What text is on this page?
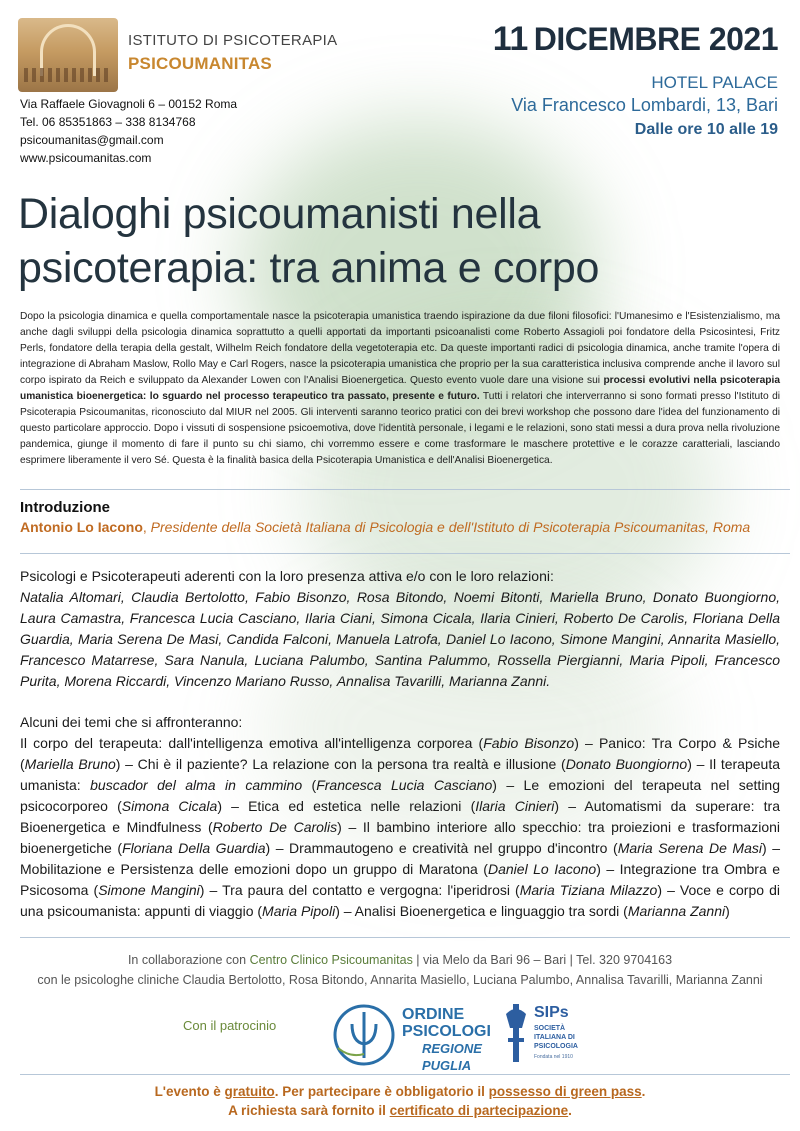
ISTITUTO DI PSICOTERAPIA
PSICOUMANITAS
Via Raffaele Giovagnoli 6 – 00152 Roma
Tel. 06 85351863 – 338 8134768
psicoumanitas@gmail.com
www.psicoumanitas.com
11 DICEMBRE 2021
HOTEL PALACE
Via Francesco Lombardi, 13, Bari
Dalle ore 10 alle 19
Dialoghi psicoumanisti nella
psicoterapia: tra anima e corpo
Dopo la psicologia dinamica e quella comportamentale nasce la psicoterapia umanistica traendo ispirazione da due filoni filosofici: l'Umanesimo e l'Esistenzialismo, ma anche dagli sviluppi della psicologia dinamica soprattutto a quelli apportati da importanti psicoanalisti come Roberto Assagioli poi fondatore della Psicosintesi, Fritz Perls, fondatore della terapia della gestalt, Wilhelm Reich fondatore della vegetoterapia etc. Da queste importanti radici di psicologia dinamica, anche tramite l'opera di integrazione di Abraham Maslow, Rollo May e Carl Rogers, nasce la psicoterapia umanistica che proprio per la sua caratteristica inclusiva comprende anche il lavoro sul corpo ispirato da Reich e sviluppato da Alexander Lowen con l'Analisi Bioenergetica. Questo evento vuole dare una visione sui processi evolutivi nella psicoterapia umanistica bioenergetica: lo sguardo nel processo terapeutico tra passato, presente e futuro. Tutti i relatori che interverranno si sono formati presso l'Istituto di Psicoterapia Psicoumanitas, riconosciuto dal MIUR nel 2005. Gli interventi saranno teorico pratici con dei brevi workshop che possono dare l'idea del funzionamento di questo particolare approccio. Dopo i vissuti di sospensione psicoemotiva, dove l'identità personale, i legami e le relazioni, sono stati messi a dura prova nella rivoluzione pandemica, giunge il momento di fare il punto su chi siamo, chi vorremmo essere e come trasformare le maschere protettive e le corazze caratteriali, lasciando esprimere liberamente il vero Sé. Questa è la finalità basica della Psicoterapia Umanistica e dell'Analisi Bioenergetica.
Introduzione
Antonio Lo Iacono, Presidente della Società Italiana di Psicologia e dell'Istituto di Psicoterapia Psicoumanitas, Roma
Psicologi e Psicoterapeuti aderenti con la loro presenza attiva e/o con le loro relazioni:
Natalia Altomari, Claudia Bertolotto, Fabio Bisonzo, Rosa Bitondo, Noemi Bitonti, Mariella Bruno, Donato Buongiorno, Laura Camastra, Francesca Lucia Casciano, Ilaria Ciani, Simona Cicala, Ilaria Cinieri, Roberto De Carolis, Floriana Della Guardia, Maria Serena De Masi, Candida Falconi, Manuela Latrofa, Daniel Lo Iacono, Simone Mangini, Annarita Masiello, Francesco Matarrese, Sara Nanula, Luciana Palumbo, Santina Palummo, Rossella Piergianni, Maria Pipoli, Francesco Purita, Morena Riccardi, Vincenzo Mariano Russo, Annalisa Tavarilli, Marianna Zanni.
Alcuni dei temi che si affronteranno:
Il corpo del terapeuta: dall'intelligenza emotiva all'intelligenza corporea (Fabio Bisonzo) – Panico: Tra Corpo & Psiche (Mariella Bruno) – Chi è il paziente? La relazione con la persona tra realtà e illusione (Donato Buongiorno) – Il terapeuta umanista: buscador del alma in cammino (Francesca Lucia Casciano) – Le emozioni del terapeuta nel setting psicocorporeo (Simona Cicala) – Etica ed estetica nelle relazioni (Ilaria Cinieri) – Automatismi da superare: tra Bioenergetica e Mindfulness (Roberto De Carolis) – Il bambino interiore allo specchio: tra proiezioni e trasformazioni bioenergetiche (Floriana Della Guardia) – Drammautogeno e creatività nel gruppo d'incontro (Maria Serena De Masi) – Mobilitazione e Persistenza delle emozioni dopo un gruppo di Maratona (Daniel Lo Iacono) – Integrazione tra Ombra e Psicosoma (Simone Mangini) – Tra paura del contatto e vergogna: l'iperidrosi (Maria Tiziana Milazzo) – Voce e corpo di una psicoumanista: appunti di viaggio (Maria Pipoli) – Analisi Bioenergetica e linguaggio tra sordi (Marianna Zanni)
In collaborazione con Centro Clinico Psicoumanitas | via Melo da Bari 96 – Bari | Tel. 320 9704163
con le psicologhe cliniche Claudia Bertolotto, Rosa Bitondo, Annarita Masiello, Luciana Palumbo, Annalisa Tavarilli, Marianna Zanni
Con il patrocinio
ORDINE
PSICOLOGI
REGIONE PUGLIA
SIPs
SOCIETÀ
ITALIANA DI
PSICOLOGIA
Fondata nel 1910
L'evento è gratuito. Per partecipare è obbligatorio il possesso di green pass.
A richiesta sarà fornito il certificato di partecipazione.
